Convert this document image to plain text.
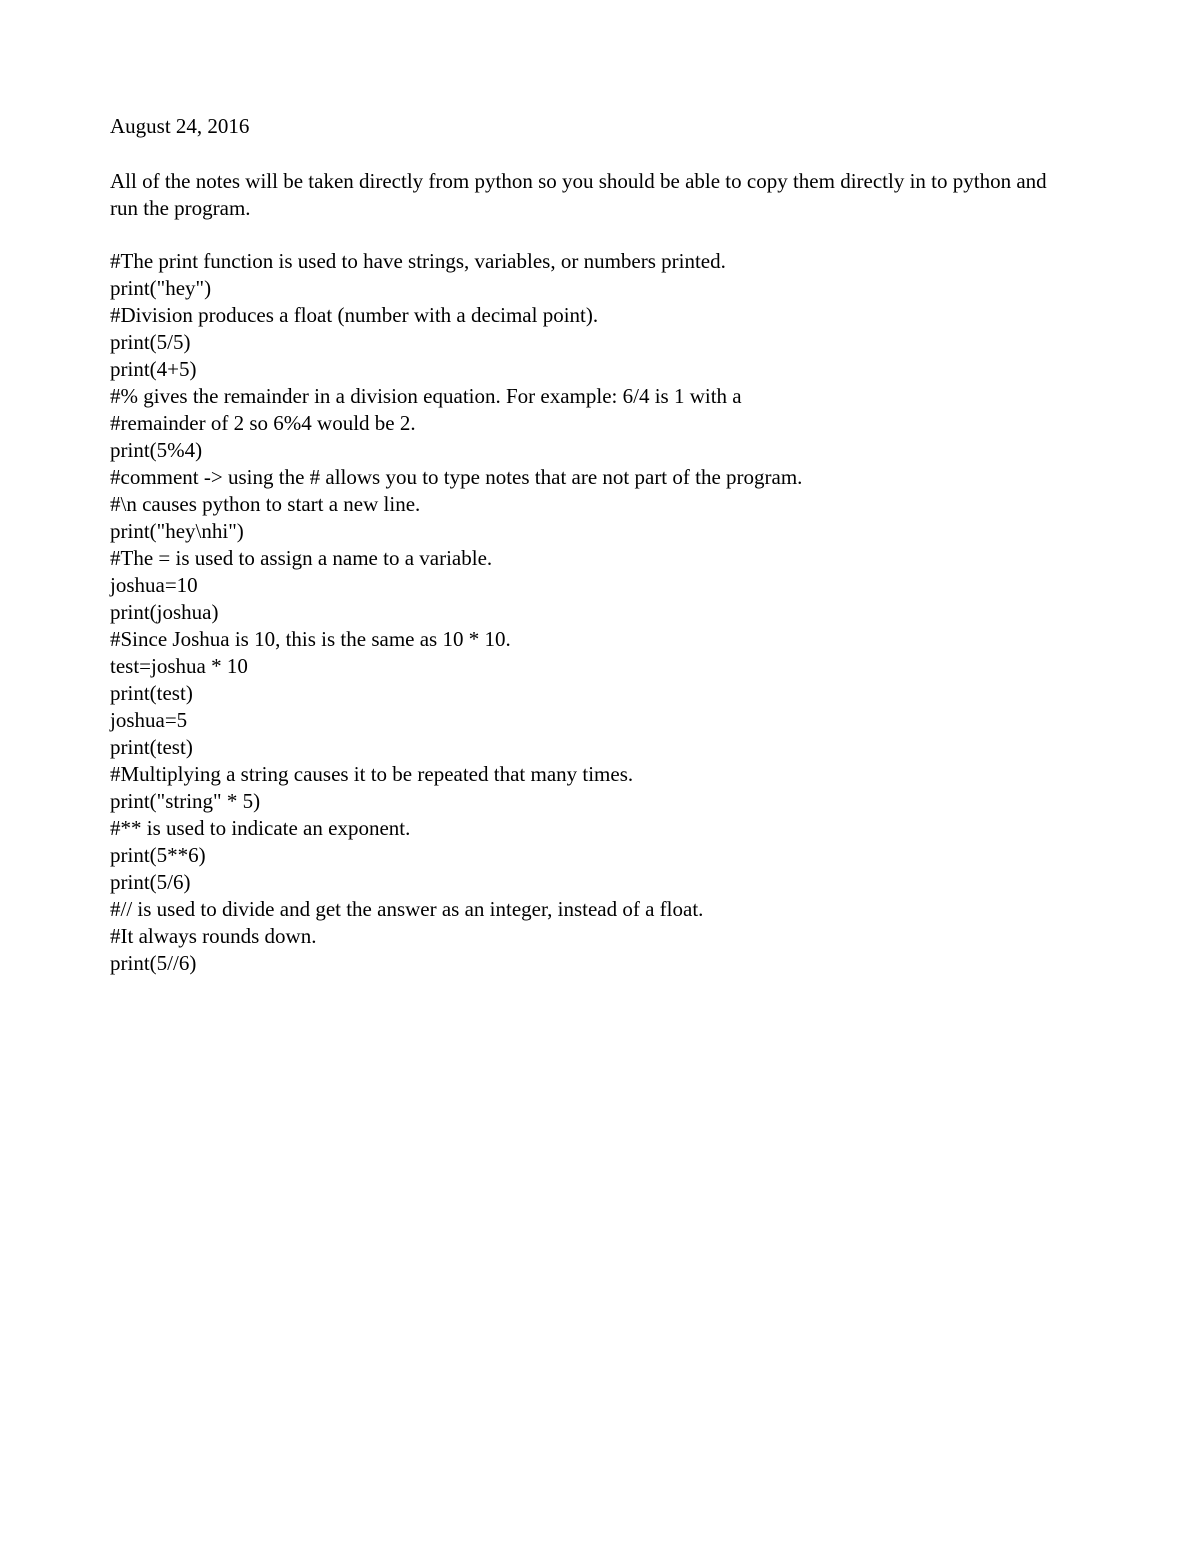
August 24, 2016
All of the notes will be taken directly from python so you should be able to copy them directly in to python and run the program.
#The print function is used to have strings, variables, or numbers printed.
print("hey")
#Division produces a float (number with a decimal point).
print(5/5)
print(4+5)
#% gives the remainder in a division equation. For example: 6/4 is 1 with a
#remainder of 2 so 6%4 would be 2.
print(5%4)
#comment -> using the # allows you to type notes that are not part of the program.
#\n causes python to start a new line.
print("hey\nhi")
#The = is used to assign a name to a variable.
joshua=10
print(joshua)
#Since Joshua is 10, this is the same as 10 * 10.
test=joshua * 10
print(test)
joshua=5
print(test)
#Multiplying a string causes it to be repeated that many times.
print("string" * 5)
#** is used to indicate an exponent.
print(5**6)
print(5/6)
#// is used to divide and get the answer as an integer, instead of a float.
#It always rounds down.
print(5//6)
